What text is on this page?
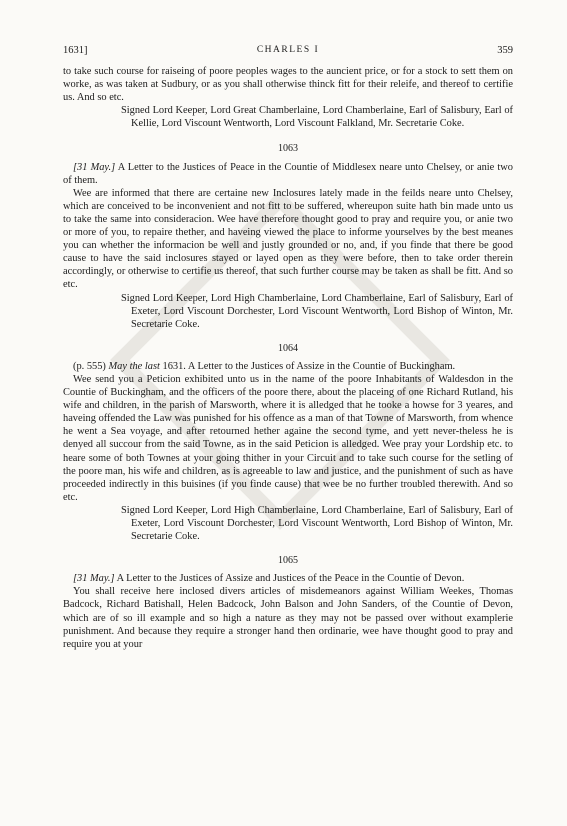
1631]	CHARLES I	359

to take such course for raiseing of poore peoples wages to the auncient price, or for a stock to sett them on worke, as was taken at Sudbury, or as you shall otherwise thinck fitt for their releife, and thereof to certifie us. And so etc.

Signed Lord Keeper, Lord Great Chamberlaine, Lord Chamberlaine, Earl of Salisbury, Earl of Kellie, Lord Viscount Wentworth, Lord Viscount Falkland, Mr. Secretarie Coke.

1063

[31 May.] A Letter to the Justices of Peace in the Countie of Middlesex neare unto Chelsey, or anie two of them.

Wee are informed that there are certaine new Inclosures lately made in the feilds neare unto Chelsey, which are conceived to be inconvenient and not fitt to be suffered, whereupon suite hath bin made unto us to take the same into consideracion. Wee have therefore thought good to pray and require you, or anie two or more of you, to repaire thether, and haveing viewed the place to informe yourselves by the best meanes you can whether the informacion be well and justly grounded or no, and, if you finde that there be good cause to have the said inclosures stayed or layed open as they were before, then to take order therein accordingly, or otherwise to certifie us thereof, that such further course may be taken as shall be fitt. And so etc.

Signed Lord Keeper, Lord High Chamberlaine, Lord Chamberlaine, Earl of Salisbury, Earl of Exeter, Lord Viscount Dorchester, Lord Viscount Wentworth, Lord Bishop of Winton, Mr. Secretarie Coke.

1064

(p. 555) May the last 1631. A Letter to the Justices of Assize in the Countie of Buckingham.

Wee send you a Peticion exhibited unto us in the name of the poore Inhabitants of Waldesdon in the Countie of Buckingham, and the officers of the poore there, about the placeing of one Richard Rutland, his wife and children, in the parish of Marsworth, where it is alledged that he tooke a howse for 3 yeares, and haveing offended the Law was punished for his offence as a man of that Towne of Marsworth, from whence he went a Sea voyage, and after retourned hether againe the second tyme, and yett never-theless he is denyed all succour from the said Towne, as in the said Peticion is alledged. Wee pray your Lordship etc. to heare some of both Townes at your going thither in your Circuit and to take such course for the setling of the poore man, his wife and children, as is agreeable to law and justice, and the punishment of such as have proceeded indirectly in this buisines (if you finde cause) that wee be no further troubled therewith. And so etc.

Signed Lord Keeper, Lord High Chamberlaine, Lord Chamberlaine, Earl of Salisbury, Earl of Exeter, Lord Viscount Dorchester, Lord Viscount Wentworth, Lord Bishop of Winton, Mr. Secretarie Coke.

1065

[31 May.] A Letter to the Justices of Assize and Justices of the Peace in the Countie of Devon.

You shall receive here inclosed divers articles of misdemeanors against William Weekes, Thomas Badcock, Richard Batishall, Helen Badcock, John Balson and John Sanders, of the Countie of Devon, which are of so ill example and so high a nature as they may not be passed over without examplerie punishment. And because they require a stronger hand then ordinarie, wee have thought good to pray and require you at your
